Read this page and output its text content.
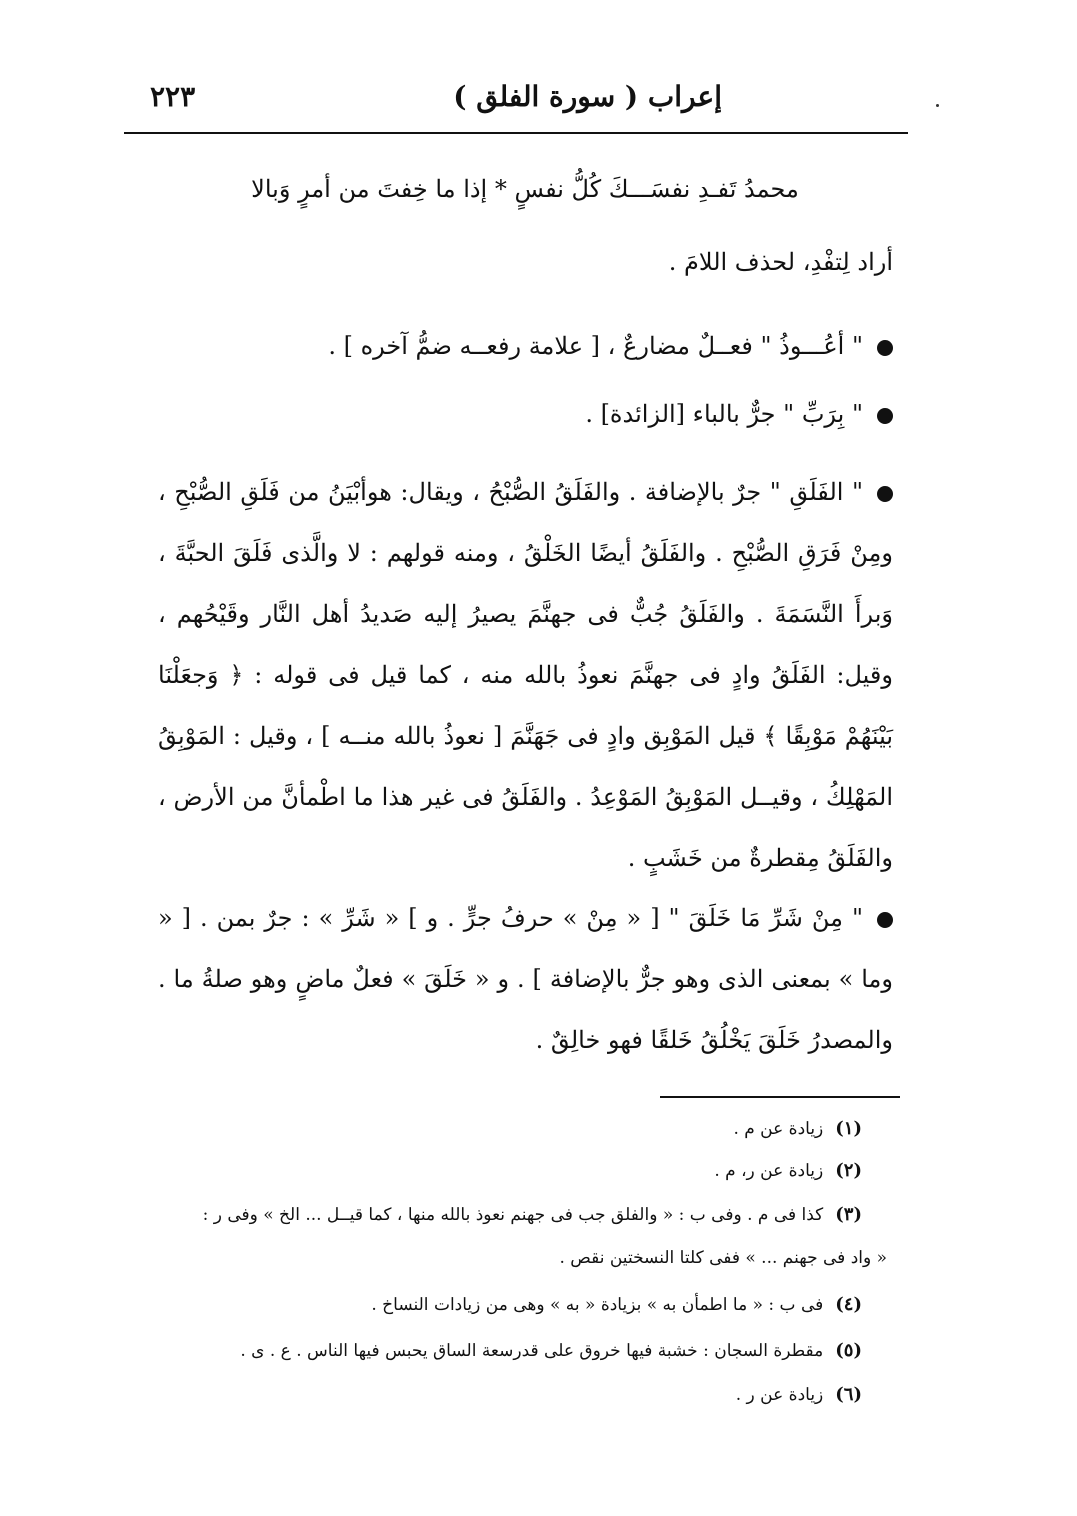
إعراب ( سورة الفلق )
٢٢٣
محمدُ تَفـدِ نفسَـــكَ كُلُّ نفسٍ * إذا ما خِفتَ من أمرٍ وَبالا
أراد لِتفْدِ، لحذف اللامَ .
" أعُـــوذُ " فعــلٌ مضارعٌ ، [ علامة رفعــه ضمُّ آخره ] .
" بِرَبِّ " جرٌّ بالباء [الزائدة] .
" الفَلَقِ " جرٌ بالإضافة . والفَلَقُ الصُّبْحُ ، ويقال: هوأبْيَنُ من فَلَقِ الصُّبْحِ ، ومِنْ فَرَقِ الصُّبْحِ . والفَلَقُ أيضًا الخَلْقُ ، ومنه قولهم : لا والَّذى فَلَقَ الحبَّةَ ، وَبرأَ النَّسَمَةَ . والفَلَقُ جُبٌّ فى جهنَّمَ يصيرُ إليه صَديدُ أهل النَّار وقَيْحُهم ، وقيل: الفَلَقُ وادٍ فى جهنَّمَ نعوذُ بالله منه ، كما قيل فى قوله : ﴿ وَجعَلْنَا بَيْنَهُمْ مَوْبِقًا ﴾ قيل المَوْبِق وادٍ فى جَهَنَّمَ [ نعوذُ بالله منــه ] ، وقيل : المَوْبِقُ المَهْلِكُ ، وقيــل المَوْبِقُ المَوْعِدُ . والفَلَقُ فى غير هذا ما اطْمأنَّ من الأرض ، والفَلَقُ مِقطرةٌ من خَشَبٍ .
" مِنْ شَرِّ مَا خَلَقَ " [ « مِنْ » حرفُ جرٍّ . و ] « شَرِّ » : جرٌ بمن . [ « وما » بمعنى الذى وهو جرٌّ بالإضافة ] . و « خَلَقَ » فعلٌ ماضٍ وهو صلةُ ما . والمصدرُ خَلَقَ يَخْلُقُ خَلقًا فهو خالِقٌ .
(١)زيادة عن م .
(٢)زيادة عن ر، م .
(٣)كذا فى م . وفى ب : « والفلق جب فى جهنم نعوذ بالله منها ، كما قيــل ... الخ » وفى ر :
« واد فى جهنم ... » ففى كلتا النسختين نقص .
(٤)فى ب : « ما اطمأن به » بزيادة « به » وهى من زيادات النساخ .
(٥)مقطرة السجان : خشبة فيها خروق على قدرسعة الساق يحبس فيها الناس . ع . ى .
(٦)زيادة عن ر .
